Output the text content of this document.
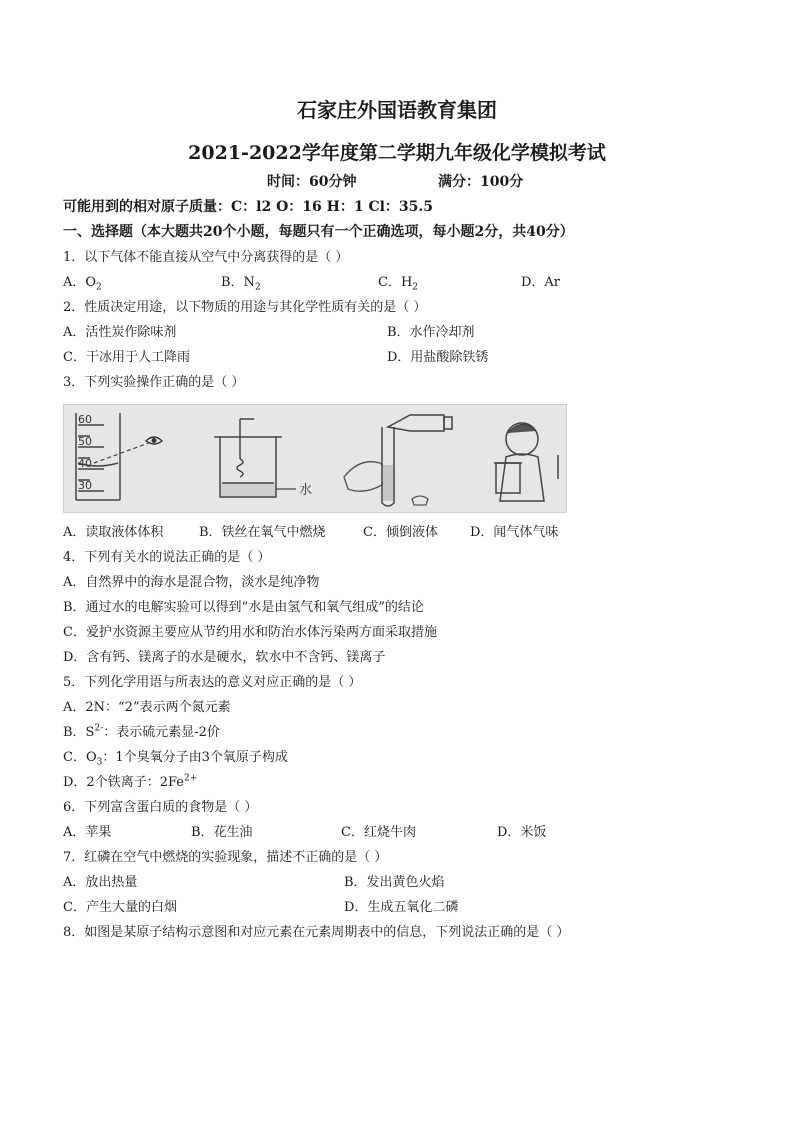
石家庄外国语教育集团
2021-2022学年度第二学期九年级化学模拟考试
时间：60分钟	满分：100分
可能用到的相对原子质量：C：l2 O：16 H：1 Cl：35.5
一、选择题（本大题共20个小题，每题只有一个正确选项，每小题2分，共40分）
1．以下气体不能直接从空气中分离获得的是（ ）
A．$O_2$	B．$N_2$	C．$H_2$	D．Ar
2．性质决定用途，以下物质的用途与其化学性质有关的是（ ）
A．活性炭作除味剂	B．水作冷却剂
C．干冰用于人工降雨	D．用盐酸除铁锈
3．下列实验操作正确的是（ ）
60
50
40
30	水
A．读取液体体积	B．铁丝在氧气中燃烧	C．倾倒液体 D．闻气体气味
4．下列有关水的说法正确的是（ ）
A．自然界中的海水是混合物，淡水是纯净物
B．通过水的电解实验可以得到“水是由氢气和氧气组成”的结论
C．爱护水资源主要应从节约用水和防治水体污染两方面采取措施
D．含有钙、镁离子的水是硬水，软水中不含钙、镁离子
5．下列化学用语与所表达的意义对应正确的是（ ）
A．2N：“2”表示两个氮元素
B．$S^{2-}$：表示硫元素显-2价
C．$O_3$：1个臭氧分子由3个氧原子构成
D．2个铁离子：$2Fe^{2+}$
6．下列富含蛋白质的食物是（ ）
A．苹果	B．花生油	C．红烧牛肉	D．米饭
7．红磷在空气中燃烧的实验现象，描述不正确的是（ ）
A．放出热量	B．发出黄色火焰
C．产生大量的白烟	D．生成五氧化二磷
8．如图是某原子结构示意图和对应元素在元素周期表中的信息，下列说法正确的是（ ）
